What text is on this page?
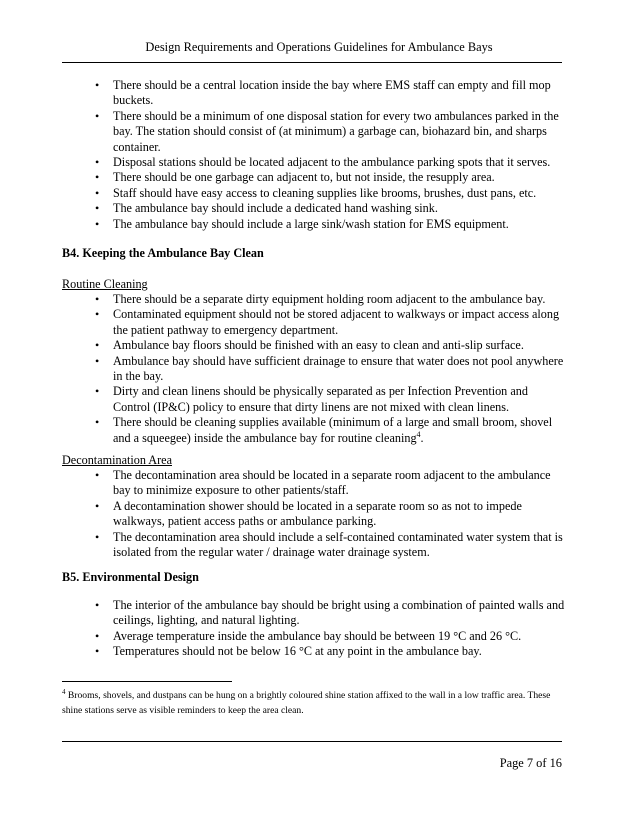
Design Requirements and Operations Guidelines for Ambulance Bays
• There should be a central location inside the bay where EMS staff can empty and fill mop buckets.
• There should be a minimum of one disposal station for every two ambulances parked in the bay. The station should consist of (at minimum) a garbage can, biohazard bin, and sharps container.
• Disposal stations should be located adjacent to the ambulance parking spots that it serves.
• There should be one garbage can adjacent to, but not inside, the resupply area.
• Staff should have easy access to cleaning supplies like brooms, brushes, dust pans, etc.
• The ambulance bay should include a dedicated hand washing sink.
• The ambulance bay should include a large sink/wash station for EMS equipment.
B4. Keeping the Ambulance Bay Clean
Routine Cleaning
• There should be a separate dirty equipment holding room adjacent to the ambulance bay.
• Contaminated equipment should not be stored adjacent to walkways or impact access along the patient pathway to emergency department.
• Ambulance bay floors should be finished with an easy to clean and anti-slip surface.
• Ambulance bay should have sufficient drainage to ensure that water does not pool anywhere in the bay.
• Dirty and clean linens should be physically separated as per Infection Prevention and Control (IP&C) policy to ensure that dirty linens are not mixed with clean linens.
• There should be cleaning supplies available (minimum of a large and small broom, shovel and a squeegee) inside the ambulance bay for routine cleaning$^4$.
Decontamination Area
• The decontamination area should be located in a separate room adjacent to the ambulance bay to minimize exposure to other patients/staff.
• A decontamination shower should be located in a separate room so as not to impede walkways, patient access paths or ambulance parking.
• The decontamination area should include a self-contained contaminated water system that is isolated from the regular water / drainage water drainage system.
B5. Environmental Design
• The interior of the ambulance bay should be bright using a combination of painted walls and ceilings, lighting, and natural lighting.
• Average temperature inside the ambulance bay should be between 19 °C and 26 °C.
• Temperatures should not be below 16 °C at any point in the ambulance bay.
$^4$ Brooms, shovels, and dustpans can be hung on a brightly coloured shine station affixed to the wall in a low traffic area. These shine stations serve as visible reminders to keep the area clean.
Page 7 of 16
